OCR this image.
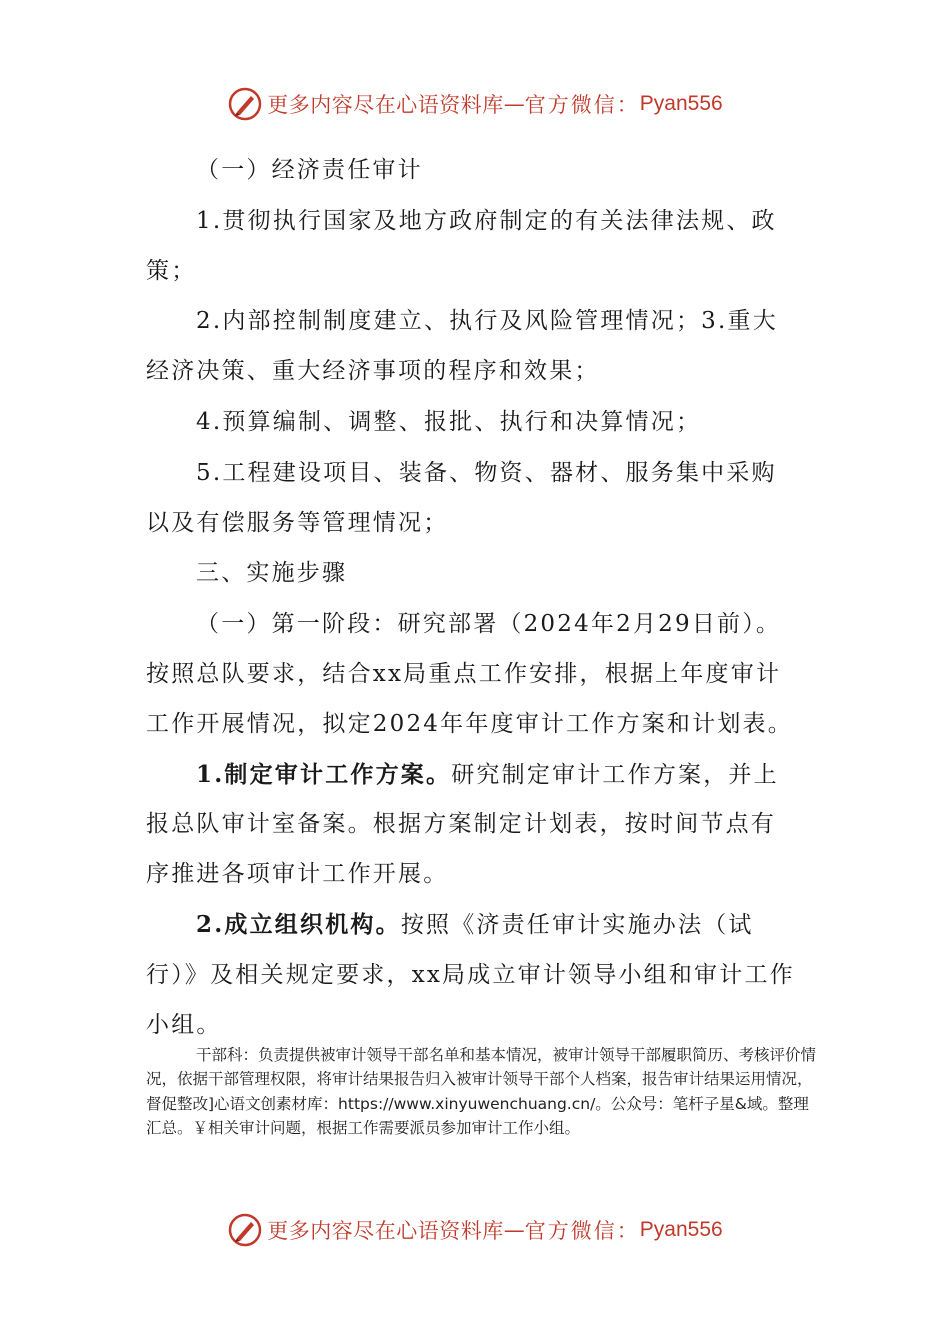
更多内容尽在心语资料库 — 官方微信： Pyan556

（一）经济责任审计

1.贯彻执行国家及地方政府制定的有关法律法规、政策；

2.内部控制制度建立、执行及风险管理情况；3.重大经济决策、重大经济事项的程序和效果；

4.预算编制、调整、报批、执行和决算情况；

5.工程建设项目、装备、物资、器材、服务集中采购以及有偿服务等管理情况；

三、实施步骤

（一）第一阶段：研究部署（2024年2月29日前）。按照总队要求，结合xx局重点工作安排，根据上年度审计工作开展情况，拟定2024年年度审计工作方案和计划表。

1.制定审计工作方案。研究制定审计工作方案，并上报总队审计室备案。根据方案制定计划表，按时间节点有序推进各项审计工作开展。

2.成立组织机构。按照《济责任审计实施办法（试行）》及相关规定要求，xx局成立审计领导小组和审计工作小组。

干部科：负责提供被审计领导干部名单和基本情况，被审计领导干部履职简历、考核评价情况，依据干部管理权限，将审计结果报告归入被审计领导干部个人档案，报告审计结果运用情况，督促整改]心语文创素材库：https://www.xinyuwenchuang.cn/。公众号：笔杆子星&域。整理汇总。￥相关审计问题，根据工作需要派员参加审计工作小组。
更多内容尽在心语资料库 — 官方微信： Pyan556
